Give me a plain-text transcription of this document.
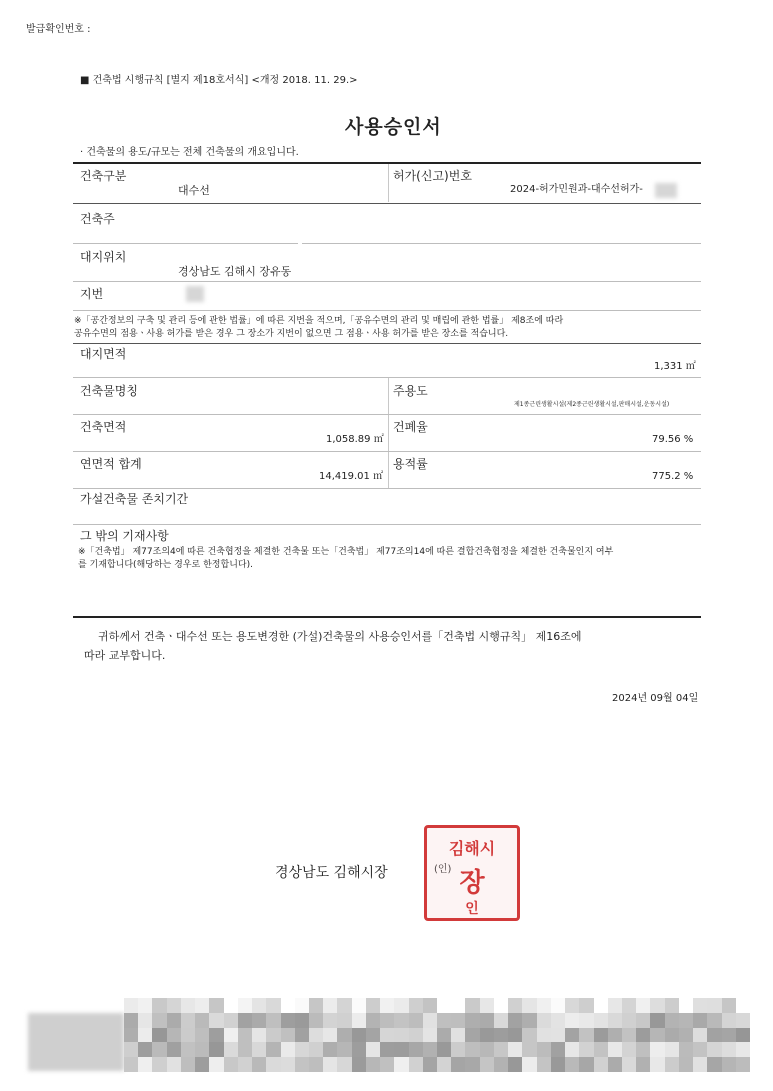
발급확인번호 :
■ 건축법 시행규칙 [별지 제18호서식] <개정 2018. 11. 29.>
사용승인서
· 건축물의 용도/규모는 전체 건축물의 개요입니다.
건축구분
대수선
허가(신고)번호
2024-허가민원과-대수선허가-
건축주
대지위치
경상남도 김해시 장유동
지번
※「공간정보의 구축 및 관리 등에 관한 법률」에 따른 지번을 적으며,「공유수면의 관리 및 매립에 관한 법률」 제8조에 따라
공유수면의 점용ㆍ사용 허가를 받은 경우 그 장소가 지번이 없으면 그 점용ㆍ사용 허가를 받은 장소를 적습니다.
대지면적
1,331 ㎡
건축물명칭	주용도
제1종근린생활시설(제2종근린생활시설,판매시설,운동시설)
건축면적
1,058.89 ㎡
건폐율
79.56 %
연면적 합계
14,419.01 ㎡
용적률
775.2 %
가설건축물 존치기간
그 밖의 기재사항
※「건축법」 제77조의4에 따른 건축협정을 체결한 건축물 또는「건축법」 제77조의14에 따른 결합건축협정을 체결한 건축물인지 여부
를 기재합니다(해당하는 경우로 한정합니다).
귀하께서 건축ㆍ대수선 또는 용도변경한 (가설)건축물의 사용승인서를「건축법 시행규칙」 제16조에
따라 교부합니다.
2024년 09월 04일
경상남도 김해시장	(인)
김해시
장
인
